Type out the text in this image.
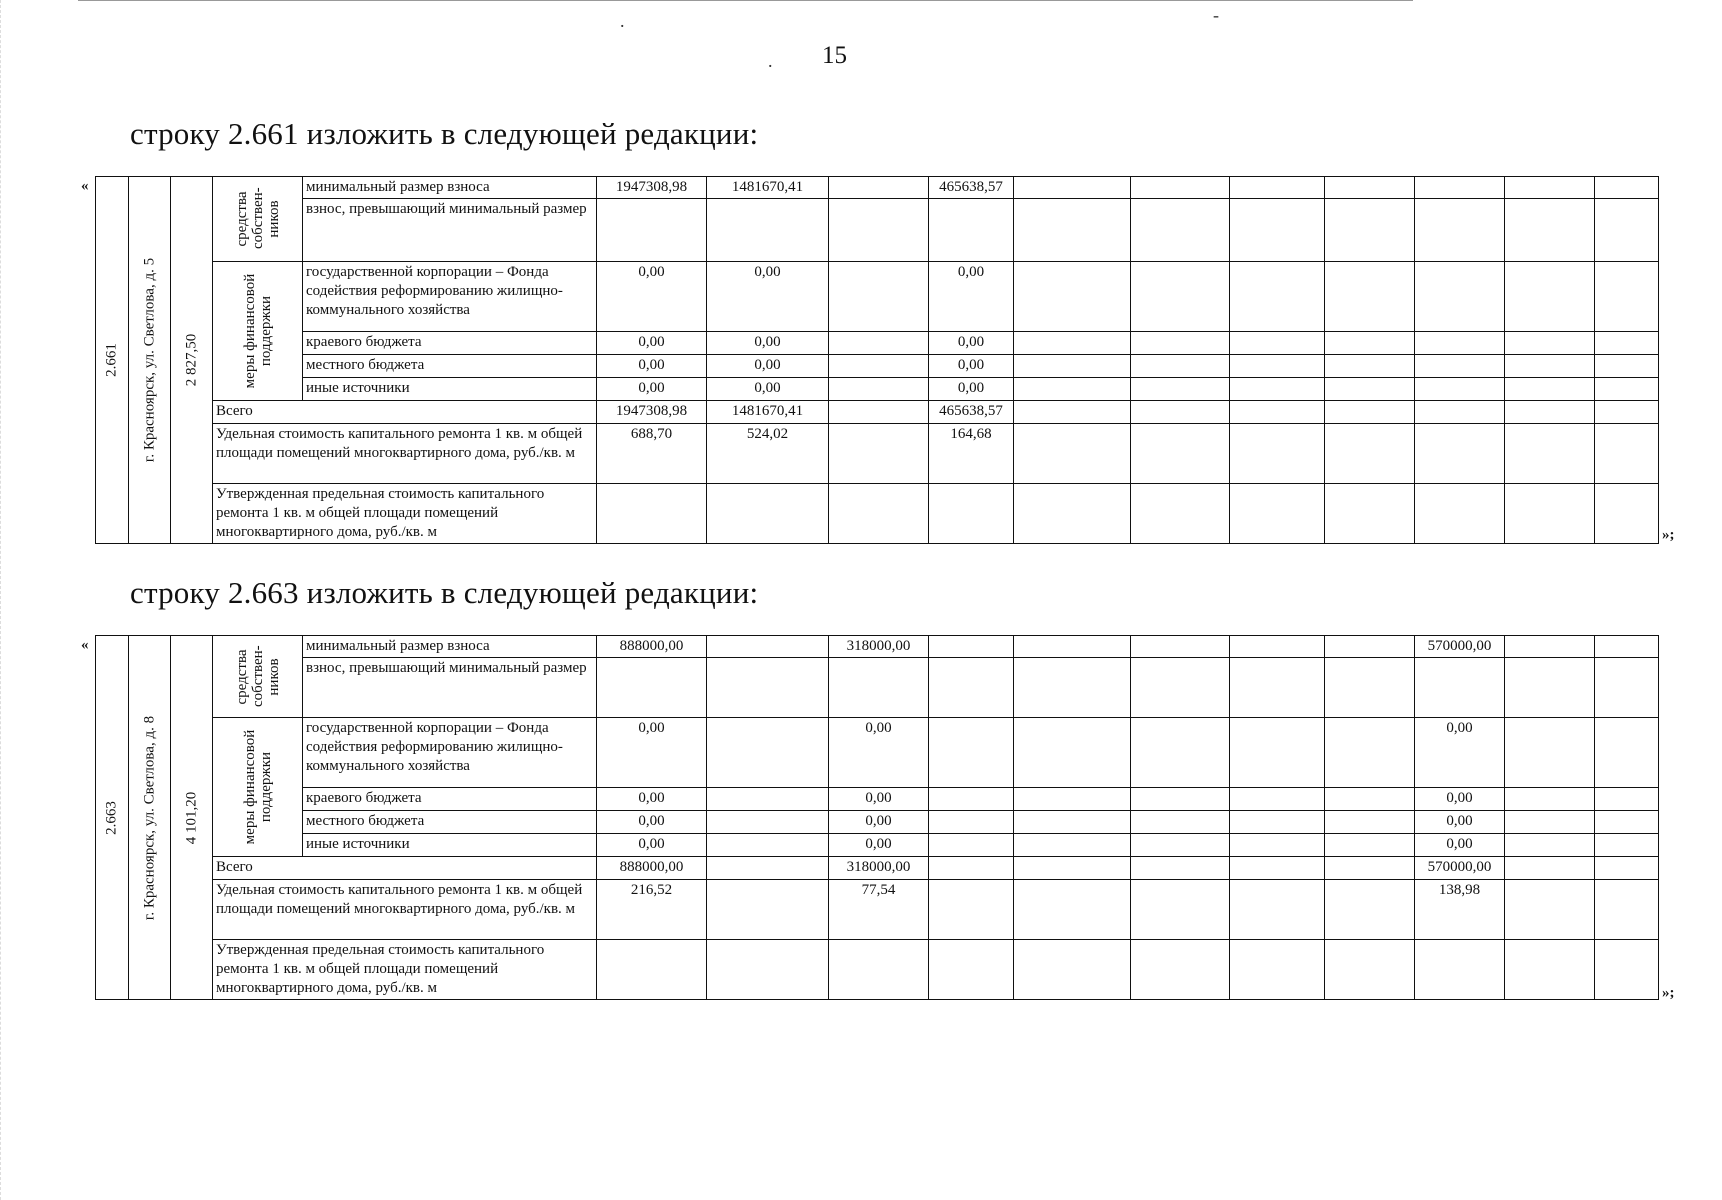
.	-
. 15
строку 2.661 изложить в следующей редакции:
«
»;
2.661	г. Красноярск, ул. Светлова, д. 5	2 827,50	средства собствен-ников	минимальный размер взноса	1947308,98	1481670,41		465638,57							
				взнос, превышающий минимальный размер											

			меры финансовой поддержки	государственной корпорации – Фонда содействия реформированию жилищно-коммунального хозяйства	0,00	0,00		0,00							
				краевого бюджета	0,00	0,00		0,00							
				местного бюджета	0,00	0,00		0,00							
				иные источники	0,00	0,00		0,00							
			Всего		1947308,98	1481670,41		465638,57							
			Удельная стоимость капитального ремонта 1 кв. м общей площади помещений многоквартирного дома, руб./кв. м		688,70	524,02		164,68							
			Утвержденная предельная стоимость капитального ремонта 1 кв. м общей площади помещений многоквартирного дома, руб./кв. м												
строку 2.663 изложить в следующей редакции:
«
»;
2.663	г. Красноярск, ул. Светлова, д. 8	4 101,20	средства собствен-ников	минимальный размер взноса	888000,00		318000,00						570000,00		
				взнос, превышающий минимальный размер											

			меры финансовой поддержки	государственной корпорации – Фонда содействия реформированию жилищно-коммунального хозяйства	0,00		0,00						0,00		
				краевого бюджета	0,00		0,00						0,00		
				местного бюджета	0,00		0,00						0,00		
				иные источники	0,00		0,00						0,00		
			Всего		888000,00		318000,00						570000,00		
			Удельная стоимость капитального ремонта 1 кв. м общей площади помещений многоквартирного дома, руб./кв. м		216,52		77,54						138,98		
			Утвержденная предельная стоимость капитального ремонта 1 кв. м общей площади помещений многоквартирного дома, руб./кв. м												
